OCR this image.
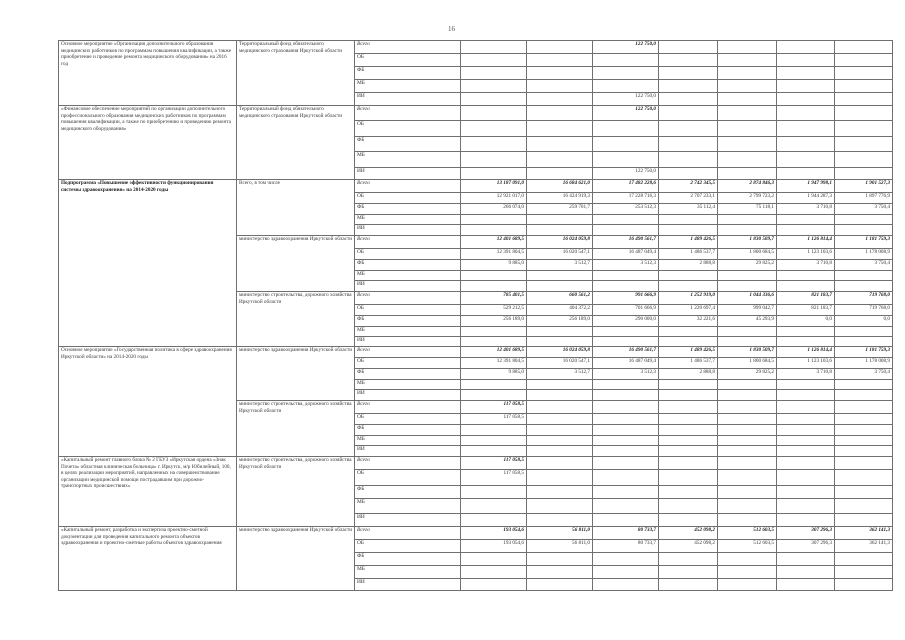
16
Основное мероприятие «Организация дополнительного образования медицинских работников по программам повышения квалификации, а также приобретение и проведение ремонта медицинского оборудования» на 2016 год	Территориальный фонд обязательного медицинского страхования Иркутской области	Всего			122 750,0				

		ОБ							
		ФБ							
		МБ							
		ИИ			122 750,0				

«Финансовое обеспечение мероприятий по организации дополнительного профессионального образования медицинских работников по программам повышения квалификации, а также по приобретению и проведению ремонта медицинского оборудования»	Территориальный фонд обязательного медицинского страхования Иркутской области	Всего			122 750,0				

		ОБ							
		ФБ							
		МБ							
		ИИ			122 750,0				

Подпрограмма «Повышение эффективности функционирования системы здравоохранения» на 2014-2020 годы	Всего, в том числе	Всего	13 187 091,0	16 684 621,0	17 482 228,6	2 742 345,5	2 874 846,3	1 947 998,1	1 901 527,3

		ОБ	12 921 017,0	16 424 919,3	17 228 716,3	2 707 233,1	2 799 723,2	1 944 287,3	1 897 776,9

		ФБ	266 074,0	259 701,7	253 512,3	35 112,4	75 118,1	3 710,8	3 750,4

		МБ							
		ИИ							
	министерство здравоохранения Иркутской области	Всего	12 401 689,5	16 024 059,8	16 490 561,7	1 489 426,5	1 830 509,7	1 126 814,4	1 181 759,3

		ОБ	12 391 804,5	16 020 547,1	16 487 049,4	1 486 537,7	1 800 684,5	1 123 103,6	1 178 008,9

		ФБ	9 885,0	3 512,7	3 512,3	2 888,8	29 825,2	3 710,8	3 750,4

		МБ							
		ИИ							
	министерство строительства, дорожного хозяйства Иркутской области	Всего	785 401,5	660 561,2	991 666,9	1 252 919,0	1 044 336,6	821 183,7	719 768,0

		ОБ	529 212,5	404 372,2	701 666,9	1 220 697,4	999 042,7	821 183,7	719 768,0

		ФБ	256 189,0	256 189,0	290 000,0	32 221,6	45 293,9	0,0	0,0

		МБ							
		ИИ							
Основное мероприятие «Государственная политика в сфере здравоохранения Иркутской области» на 2014-2020 годы	министерство здравоохранения Иркутской области	Всего	12 401 689,5	16 024 059,8	16 490 561,7	1 489 426,5	1 830 509,7	1 126 814,4	1 181 759,3

		ОБ	12 391 804,5	16 020 547,1	16 487 049,4	1 486 537,7	1 800 684,5	1 123 103,6	1 178 008,9

		ФБ	9 885,0	3 512,7	3 512,3	2 888,8	29 825,2	3 710,8	3 750,4

		МБ							
		ИИ							
	министерство строительства, дорожного хозяйства Иркутской области	Всего	117 058,5						

		ОБ	117 058,5						

		ФБ							
		МБ							
		ИИ							
«Капитальный ремонт главного блока № 2 ГБУЗ «Иркутская ордена «Знак Почета» областная клиническая больница» г. Иркутск, м/р Юбилейный, 100, в целях реализации мероприятий, направленных на совершенствование организации медицинской помощи пострадавшим при дорожно-транспортных происшествиях»	министерство строительства, дорожного хозяйства Иркутской области	Всего	117 058,5						

		ОБ	117 058,5						

		ФБ							
		МБ							
		ИИ							
«Капитальный ремонт, разработка и экспертиза проектно-сметной документации для проведения капитального ремонта объектов здравоохранения и проектно-сметные работы объектов здравоохранения	министерство здравоохранения Иркутской области	Всего	193 054,6	56 811,0	80 733,7	452 098,2	512 603,5	307 296,3	362 141,3

		ОБ	193 054,6	56 811,0	80 733,7	452 098,2	512 603,5	307 296,3	362 141,3

		ФБ							
		МБ							
		ИИ							
